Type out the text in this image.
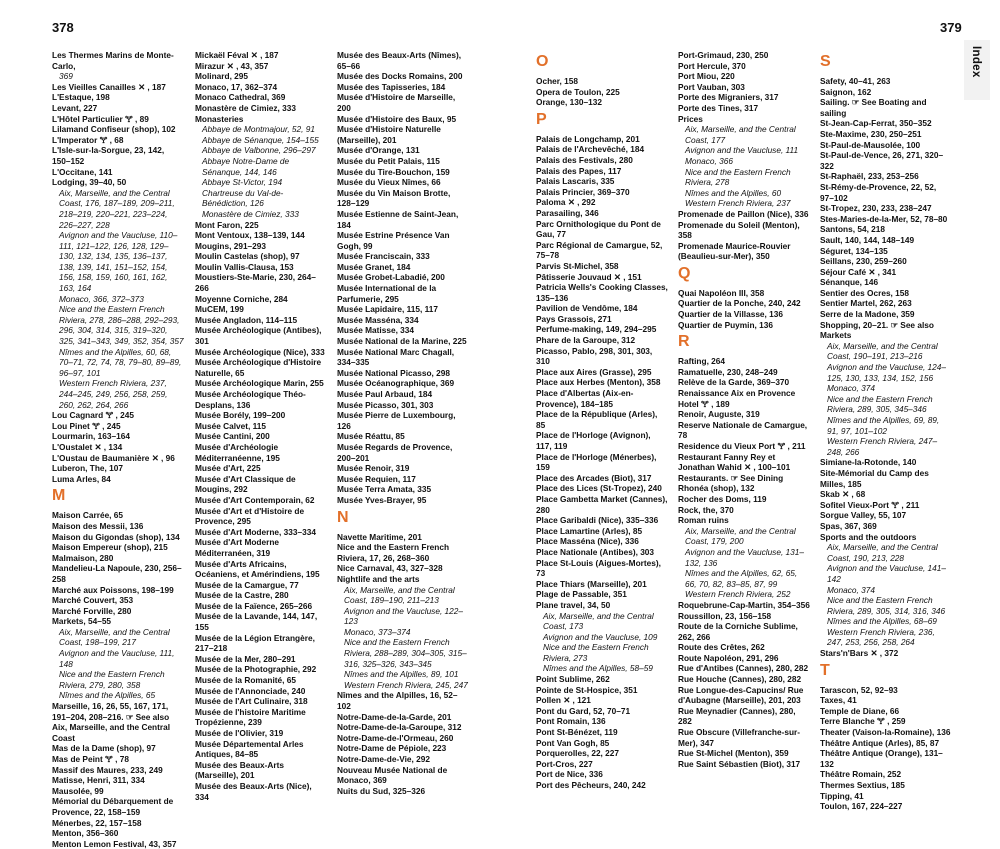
378	379
Index
Les Thermes Marins de Monte-Carlo,
369
Les Vieilles Canailles ✕ , 187
L'Estaque, 198
Levant, 227
L'Hôtel Particulier 🝖 , 89
Lilamand Confiseur (shop), 102
L'Imperator 🝖 , 68
L'Isle-sur-la-Sorgue, 23, 142, 150–152
L'Occitane, 141
Lodging, 39–40, 50
Aix, Marseille, and the Central Coast, 176, 187–189, 209–211, 218–219, 220–221, 223–224, 226–227, 228
Avignon and the Vaucluse, 110–111, 121–122, 126, 128, 129–130, 132, 134, 135, 136–137, 138, 139, 141, 151–152, 154, 156, 158, 159, 160, 161, 162, 163, 164
Monaco, 366, 372–373
Nice and the Eastern French Riviera, 278, 286–288, 292–293, 296, 304, 314, 315, 319–320, 325, 341–343, 349, 352, 354, 357
Nîmes and the Alpilles, 60, 68, 70–71, 72, 74, 78, 79–80, 89–89, 96–97, 101
Western French Riviera, 237, 244–245, 249, 256, 258, 259, 260, 262, 264, 266
Lou Cagnard 🝖 , 245
Lou Pinet 🝖 , 245
Lourmarin, 163–164
L'Oustalet ✕ , 134
L'Oustau de Baumanière ✕ , 96
Luberon, The, 107
Luma Arles, 84
M
Maison Carrée, 65
Maison des Messii, 136
Maison du Gigondas (shop), 134
Maison Empereur (shop), 215
Malmaison, 280
Mandelieu-La Napoule, 230, 256–258
Marché aux Poissons, 198–199
Marché Couvert, 353
Marché Forville, 280
Markets, 54–55
Aix, Marseille, and the Central Coast, 198–199, 217
Avignon and the Vaucluse, 111, 148
Nice and the Eastern French Riviera, 279, 280, 358
Nîmes and the Alpilles, 65
Marseille, 16, 26, 55, 167, 171, 191–204, 208–216. ☞ See also Aix, Marseille, and the Central Coast
Mas de la Dame (shop), 97
Mas de Peint 🝖 , 78
Massif des Maures, 233, 249
Matisse, Henri, 311, 334
Mausolée, 99
Mémorial du Débarquement de Provence, 22, 158–159
Ménerbes, 22, 157–158
Menton, 356–360
Menton Lemon Festival, 43, 357
Mickaël Féval ✕ , 187
Mirazur ✕ , 43, 357
Molinard, 295
Monaco, 17, 362–374
Monaco Cathedral, 369
Monastère de Cimiez, 333
Monasteries
Abbaye de Montmajour, 52, 91
Abbaye de Sénanque, 154–155
Abbaye de Valbonne, 296–297
Abbaye Notre-Dame de Sénanque, 144, 146
Abbaye St-Victor, 194
Chartreuse du Val-de-Bénédiction, 126
Monastère de Cimiez, 333
Mont Faron, 225
Mont Ventoux, 138–139, 144
Mougins, 291–293
Moulin Castelas (shop), 97
Moulin Vallis-Clausa, 153
Moustiers-Ste-Marie, 230, 264–266
Moyenne Corniche, 284
MuCEM, 199
Musée Angladon, 114–115
Musée Archéologique (Antibes), 301
Musée Archéologique (Nice), 333
Musée Archéologique d'Histoire Naturelle, 65
Musée Archéologique Marin, 255
Musée Archéologique Théo-Desplans, 136
Musée Borély, 199–200
Musée Calvet, 115
Musée Cantini, 200
Musée d'Archéologie Méditerranéenne, 195
Musée d'Art, 225
Musée d'Art Classique de Mougins, 292
Musée d'Art Contemporain, 62
Musée d'Art et d'Histoire de Provence, 295
Musée d'Art Moderne, 333–334
Musée d'Art Moderne Méditerranéen, 319
Musée d'Arts Africains, Océaniens, et Amérindiens, 195
Musée de la Camargue, 77
Musée de la Castre, 280
Musée de la Faïence, 265–266
Musée de la Lavande, 144, 147, 155
Musée de la Légion Etrangère, 217–218
Musée de la Mer, 280–291
Musée de la Photographie, 292
Musée de la Romanité, 65
Musée de l'Annonciade, 240
Musée de l'Art Culinaire, 318
Musée de l'histoire Maritime Tropézienne, 239
Musée de l'Olivier, 319
Musée Départemental Arles Antiques, 84–85
Musée des Beaux-Arts (Marseille), 201
Musée des Beaux-Arts (Nice), 334
Musée des Beaux-Arts (Nîmes), 65–66
Musée des Docks Romains, 200
Musée des Tapisseries, 184
Musée d'Histoire de Marseille, 200
Musée d'Histoire des Baux, 95
Musée d'Histoire Naturelle (Marseille), 201
Musée d'Orange, 131
Musée du Petit Palais, 115
Musée du Tire-Bouchon, 159
Musée du Vieux Nîmes, 66
Musée du Vin Maison Brotte, 128–129
Musée Estienne de Saint-Jean, 184
Musée Estrine Présence Van Gogh, 99
Musée Franciscain, 333
Musée Granet, 184
Musée Grobet-Labadié, 200
Musée International de la Parfumerie, 295
Musée Lapidaire, 115, 117
Musée Masséna, 334
Musée Matisse, 334
Musée National de la Marine, 225
Musée National Marc Chagall, 334–335
Musée National Picasso, 298
Musée Océanographique, 369
Musée Paul Arbaud, 184
Musée Picasso, 301, 303
Musée Pierre de Luxembourg, 126
Musée Réattu, 85
Musée Regards de Provence, 200–201
Musée Renoir, 319
Musée Requien, 117
Musée Terra Amata, 335
Musée Yves-Brayer, 95
N
Navette Maritime, 201
Nice and the Eastern French Riviera, 17, 26, 268–360
Nice Carnaval, 43, 327–328
Nightlife and the arts
Aix, Marseille, and the Central Coast, 189–190, 211–213
Avignon and the Vaucluse, 122–123
Monaco, 373–374
Nice and the Eastern French Riviera, 288–289, 304–305, 315–316, 325–326, 343–345
Nîmes and the Alpilles, 89, 101
Western French Riviera, 245, 247
Nîmes and the Alpilles, 16, 52–102
Notre-Dame-de-la-Garde, 201
Notre-Dame-de-la-Garoupe, 312
Notre-Dame-de-l'Ormeau, 260
Notre-Dame de Pépiole, 223
Notre-Dame-de-Vie, 292
Nouveau Musée National de Monaco, 369
Nuits du Sud, 325–326
O
Ocher, 158
Opera de Toulon, 225
Orange, 130–132
P
Palais de Longchamp, 201
Palais de l'Archevêché, 184
Palais des Festivals, 280
Palais des Papes, 117
Palais Lascaris, 335
Palais Princier, 369–370
Paloma ✕ , 292
Parasailing, 346
Parc Ornithologique du Pont de Gau, 77
Parc Régional de Camargue, 52, 75–78
Parvis St-Michel, 358
Pâtisserie Jouvaud ✕ , 151
Patricia Wells's Cooking Classes, 135–136
Pavilion de Vendôme, 184
Pays Grassois, 271
Perfume-making, 149, 294–295
Phare de la Garoupe, 312
Picasso, Pablo, 298, 301, 303, 310
Place aux Aires (Grasse), 295
Place aux Herbes (Menton), 358
Place d'Albertas (Aix-en-Provence), 184–185
Place de la République (Arles), 85
Place de l'Horloge (Avignon), 117, 119
Place de l'Horloge (Ménerbes), 159
Place des Arcades (Biot), 317
Place des Lices (St-Tropez), 240
Place Gambetta Market (Cannes), 280
Place Garibaldi (Nice), 335–336
Place Lamartine (Arles), 85
Place Masséna (Nice), 336
Place Nationale (Antibes), 303
Place St-Louis (Aigues-Mortes), 73
Place Thiars (Marseille), 201
Plage de Passable, 351
Plane travel, 34, 50
Aix, Marseille, and the Central Coast, 173
Avignon and the Vaucluse, 109
Nice and the Eastern French Riviera, 273
Nîmes and the Alpilles, 58–59
Point Sublime, 262
Pointe de St-Hospice, 351
Pollen ✕ , 121
Pont du Gard, 52, 70–71
Pont Romain, 136
Pont St-Bénézet, 119
Pont Van Gogh, 85
Porquerolles, 22, 227
Port-Cros, 227
Port de Nice, 336
Port des Pêcheurs, 240, 242
Port-Grimaud, 230, 250
Port Hercule, 370
Port Miou, 220
Port Vauban, 303
Porte des Migraniers, 317
Porte des Tines, 317
Prices
Aix, Marseille, and the Central Coast, 177
Avignon and the Vaucluse, 111
Monaco, 366
Nice and the Eastern French Riviera, 278
Nîmes and the Alpilles, 60
Western French Riviera, 237
Promenade de Paillon (Nice), 336
Promenade du Soleil (Menton), 358
Promenade Maurice-Rouvier (Beaulieu-sur-Mer), 350
Q
Quai Napoléon III, 358
Quartier de la Ponche, 240, 242
Quartier de la Villasse, 136
Quartier de Puymin, 136
R
Rafting, 264
Ramatuelle, 230, 248–249
Relève de la Garde, 369–370
Renaissance Aix en Provence Hotel 🝖 , 189
Renoir, Auguste, 319
Reserve Nationale de Camargue, 78
Residence du Vieux Port 🝖 , 211
Restaurant Fanny Rey et Jonathan Wahid ✕ , 100–101
Restaurants. ☞ See Dining
Rhonéa (shop), 132
Rocher des Doms, 119
Rock, the, 370
Roman ruins
Aix, Marseille, and the Central Coast, 179, 200
Avignon and the Vaucluse, 131–132, 136
Nîmes and the Alpilles, 62, 65, 66, 70, 82, 83–85, 87, 99
Western French Riviera, 252
Roquebrune-Cap-Martin, 354–356
Roussillon, 23, 156–158
Route de la Corniche Sublime, 262, 266
Route des Crêtes, 262
Route Napoléon, 291, 296
Rue d'Antibes (Cannes), 280, 282
Rue Houche (Cannes), 280, 282
Rue Longue-des-Capucins/ Rue d'Aubagne (Marseille), 201, 203
Rue Meynadier (Cannes), 280, 282
Rue Obscure (Villefranche-sur-Mer), 347
Rue St-Michel (Menton), 359
Rue Saint Sébastien (Biot), 317
S
Safety, 40–41, 263
Saignon, 162
Sailing. ☞ See Boating and sailing
St-Jean-Cap-Ferrat, 350–352
Ste-Maxime, 230, 250–251
St-Paul-de-Mausolée, 100
St-Paul-de-Vence, 26, 271, 320–322
St-Raphaël, 233, 253–256
St-Rémy-de-Provence, 22, 52, 97–102
St-Tropez, 230, 233, 238–247
Stes-Maries-de-la-Mer, 52, 78–80
Santons, 54, 218
Sault, 140, 144, 148–149
Séguret, 134–135
Seillans, 230, 259–260
Séjour Café ✕ , 341
Sénanque, 146
Sentier des Ocres, 158
Sentier Martel, 262, 263
Serre de la Madone, 359
Shopping, 20–21. ☞ See also Markets
Aix, Marseille, and the Central Coast, 190–191, 213–216
Avignon and the Vaucluse, 124–125, 130, 133, 134, 152, 156
Monaco, 374
Nice and the Eastern French Riviera, 289, 305, 345–346
Nîmes and the Alpilles, 69, 89, 91, 97, 101–102
Western French Riviera, 247–248, 266
Simiane-la-Rotonde, 140
Site-Mémorial du Camp des Milles, 185
Skab ✕ , 68
Sofitel Vieux-Port 🝖 , 211
Sorgue Valley, 55, 107
Spas, 367, 369
Sports and the outdoors
Aix, Marseille, and the Central Coast, 190, 213, 228
Avignon and the Vaucluse, 141–142
Monaco, 374
Nice and the Eastern French Riviera, 289, 305, 314, 316, 346
Nîmes and the Alpilles, 68–69
Western French Riviera, 236, 247, 253, 256, 258, 264
Stars'n'Bars ✕ , 372
T
Tarascon, 52, 92–93
Taxes, 41
Temple de Diane, 66
Terre Blanche 🝖 , 259
Theater (Vaison-la-Romaine), 136
Théâtre Antique (Arles), 85, 87
Théâtre Antique (Orange), 131–132
Théâtre Romain, 252
Thermes Sextius, 185
Tipping, 41
Toulon, 167, 224–227
